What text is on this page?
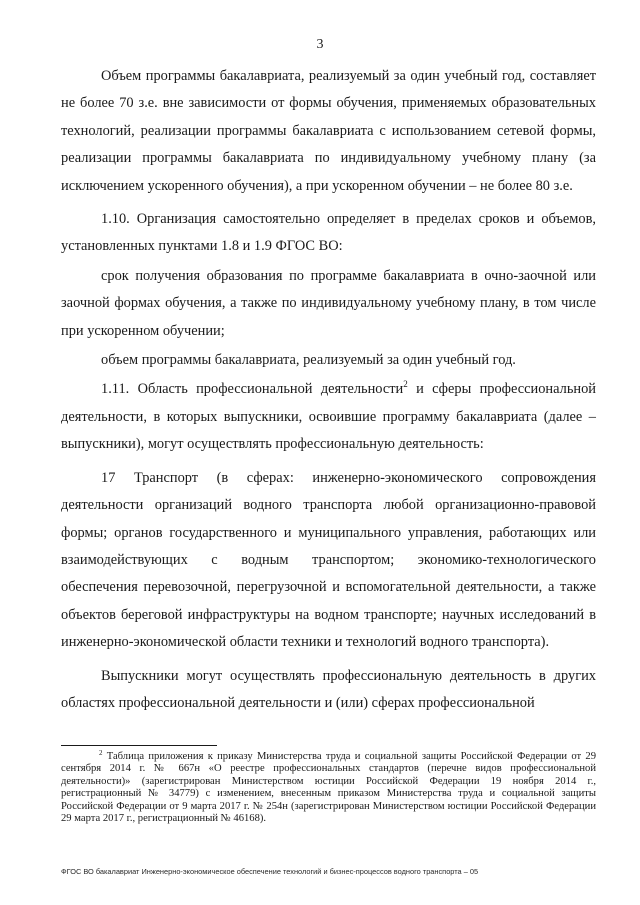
3

Объем программы бакалавриата, реализуемый за один учебный год, составляет не более 70 з.е. вне зависимости от формы обучения, применяемых образовательных технологий, реализации программы бакалавриата с использованием сетевой формы, реализации программы бакалавриата по индивидуальному учебному плану (за исключением ускоренного обучения), а при ускоренном обучении – не более 80 з.е.

1.10. Организация самостоятельно определяет в пределах сроков и объемов, установленных пунктами 1.8 и 1.9 ФГОС ВО:

срок получения образования по программе бакалавриата в очно-заочной или заочной формах обучения, а также по индивидуальному учебному плану, в том числе при ускоренном обучении;

объем программы бакалавриата, реализуемый за один учебный год.

1.11. Область профессиональной деятельности$^2$ и сферы профессиональной деятельности, в которых выпускники, освоившие программу бакалавриата (далее – выпускники), могут осуществлять профессиональную деятельность:

17 Транспорт (в сферах: инженерно-экономического сопровождения деятельности организаций водного транспорта любой организационно-правовой формы; органов государственного и муниципального управления, работающих или взаимодействующих с водным транспортом; экономико-технологического обеспечения перевозочной, перегрузочной и вспомогательной деятельности, а также объектов береговой инфраструктуры на водном транспорте; научных исследований в инженерно-экономической области техники и технологий водного транспорта).

Выпускники могут осуществлять профессиональную деятельность в других областях профессиональной деятельности и (или) сферах профессиональной

$^2$ Таблица приложения к приказу Министерства труда и социальной защиты Российской Федерации от 29 сентября 2014 г. № 667н «О реестре профессиональных стандартов (перечне видов профессиональной деятельности)» (зарегистрирован Министерством юстиции Российской Федерации 19 ноября 2014 г., регистрационный № 34779) с изменением, внесенным приказом Министерства труда и социальной защиты Российской Федерации от 9 марта 2017 г. № 254н (зарегистрирован Министерством юстиции Российской Федерации 29 марта 2017 г., регистрационный № 46168).

ФГОС ВО бакалавриат Инженерно-экономическое обеспечение технологий и бизнес-процессов водного транспорта – 05
